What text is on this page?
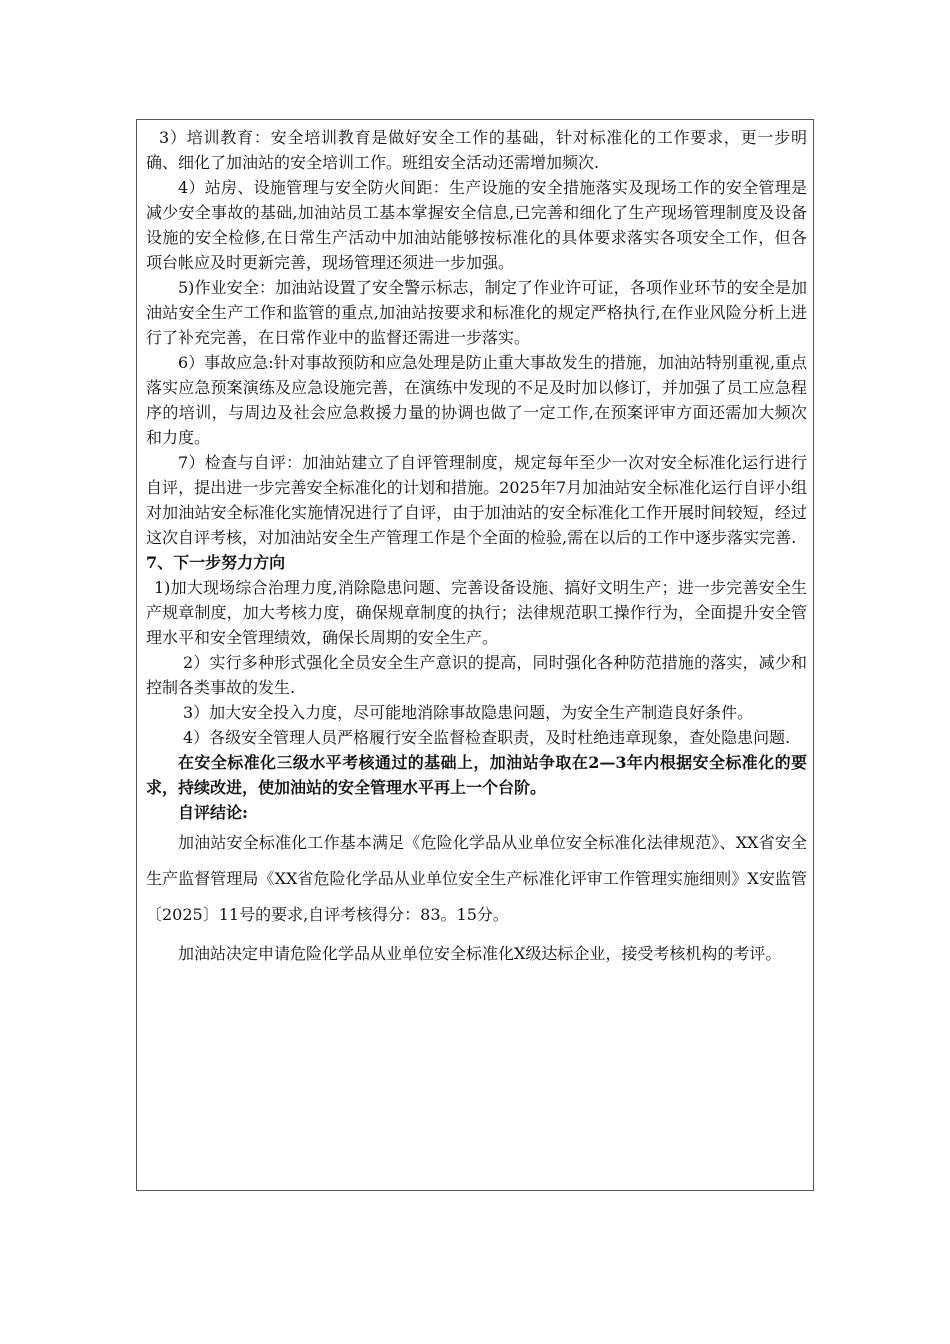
3）培训教育：安全培训教育是做好安全工作的基础，针对标准化的工作要求，更一步明确、细化了加油站的安全培训工作。班组安全活动还需增加频次.

4）站房、设施管理与安全防火间距：生产设施的安全措施落实及现场工作的安全管理是减少安全事故的基础,加油站员工基本掌握安全信息,已完善和细化了生产现场管理制度及设备设施的安全检修,在日常生产活动中加油站能够按标准化的具体要求落实各项安全工作，但各项台帐应及时更新完善，现场管理还须进一步加强。

5)作业安全：加油站设置了安全警示标志，制定了作业许可证，各项作业环节的安全是加油站安全生产工作和监管的重点,加油站按要求和标准化的规定严格执行,在作业风险分析上进行了补充完善，在日常作业中的监督还需进一步落实。

6）事故应急:针对事故预防和应急处理是防止重大事故发生的措施，加油站特别重视,重点落实应急预案演练及应急设施完善，在演练中发现的不足及时加以修订，并加强了员工应急程序的培训，与周边及社会应急救援力量的协调也做了一定工作,在预案评审方面还需加大频次和力度。

7）检查与自评：加油站建立了自评管理制度，规定每年至少一次对安全标准化运行进行自评，提出进一步完善安全标准化的计划和措施。2025年7月加油站安全标准化运行自评小组对加油站安全标准化实施情况进行了自评，由于加油站的安全标准化工作开展时间较短，经过这次自评考核，对加油站安全生产管理工作是个全面的检验,需在以后的工作中逐步落实完善.

7、下一步努力方向

1)加大现场综合治理力度,消除隐患问题、完善设备设施、搞好文明生产；进一步完善安全生产规章制度，加大考核力度，确保规章制度的执行；法律规范职工操作行为，全面提升安全管理水平和安全管理绩效，确保长周期的安全生产。

2）实行多种形式强化全员安全生产意识的提高，同时强化各种防范措施的落实，减少和控制各类事故的发生.

3）加大安全投入力度，尽可能地消除事故隐患问题，为安全生产制造良好条件。

4）各级安全管理人员严格履行安全监督检查职责，及时杜绝违章现象，查处隐患问题.

在安全标准化三级水平考核通过的基础上，加油站争取在2—3年内根据安全标准化的要求，持续改进，使加油站的安全管理水平再上一个台阶。

自评结论:

加油站安全标准化工作基本满足《危险化学品从业单位安全标准化法律规范》、XX省安全生产监督管理局《XX省危险化学品从业单位安全生产标准化评审工作管理实施细则》X安监管〔2025〕11号的要求,自评考核得分：83。15分。

加油站决定申请危险化学品从业单位安全标准化X级达标企业，接受考核机构的考评。
